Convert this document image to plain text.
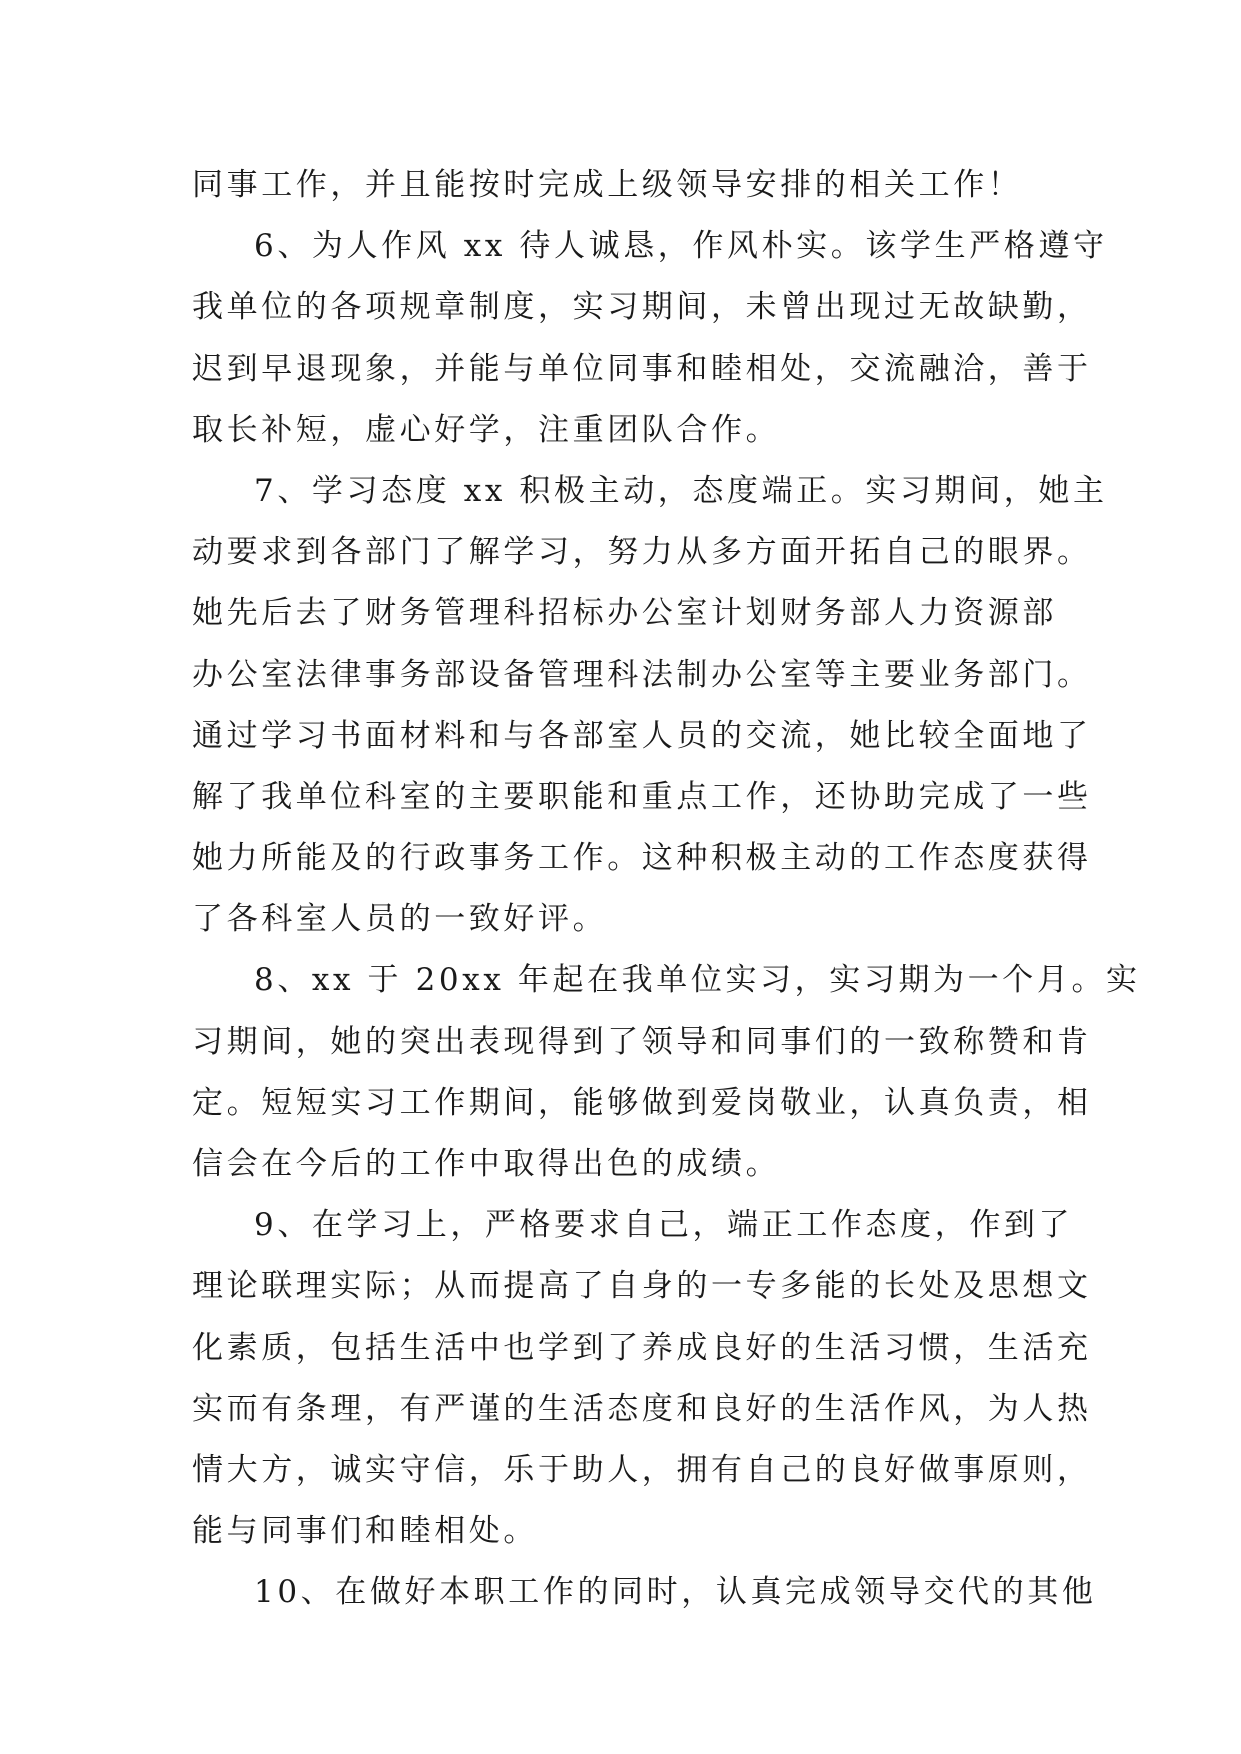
同事工作，并且能按时完成上级领导安排的相关工作！
6、为人作风 xx 待人诚恳，作风朴实。该学生严格遵守
我单位的各项规章制度，实习期间，未曾出现过无故缺勤，
迟到早退现象，并能与单位同事和睦相处，交流融洽，善于
取长补短，虚心好学，注重团队合作。
7、学习态度 xx 积极主动，态度端正。实习期间，她主
动要求到各部门了解学习，努力从多方面开拓自己的眼界。
她先后去了财务管理科招标办公室计划财务部人力资源部
办公室法律事务部设备管理科法制办公室等主要业务部门。
通过学习书面材料和与各部室人员的交流，她比较全面地了
解了我单位科室的主要职能和重点工作，还协助完成了一些
她力所能及的行政事务工作。这种积极主动的工作态度获得
了各科室人员的一致好评。
8、xx 于 20xx 年起在我单位实习，实习期为一个月。实
习期间，她的突出表现得到了领导和同事们的一致称赞和肯
定。短短实习工作期间，能够做到爱岗敬业，认真负责，相
信会在今后的工作中取得出色的成绩。
9、在学习上，严格要求自己，端正工作态度，作到了
理论联理实际；从而提高了自身的一专多能的长处及思想文
化素质，包括生活中也学到了养成良好的生活习惯，生活充
实而有条理，有严谨的生活态度和良好的生活作风，为人热
情大方，诚实守信，乐于助人，拥有自己的良好做事原则，
能与同事们和睦相处。
10、在做好本职工作的同时，认真完成领导交代的其他
